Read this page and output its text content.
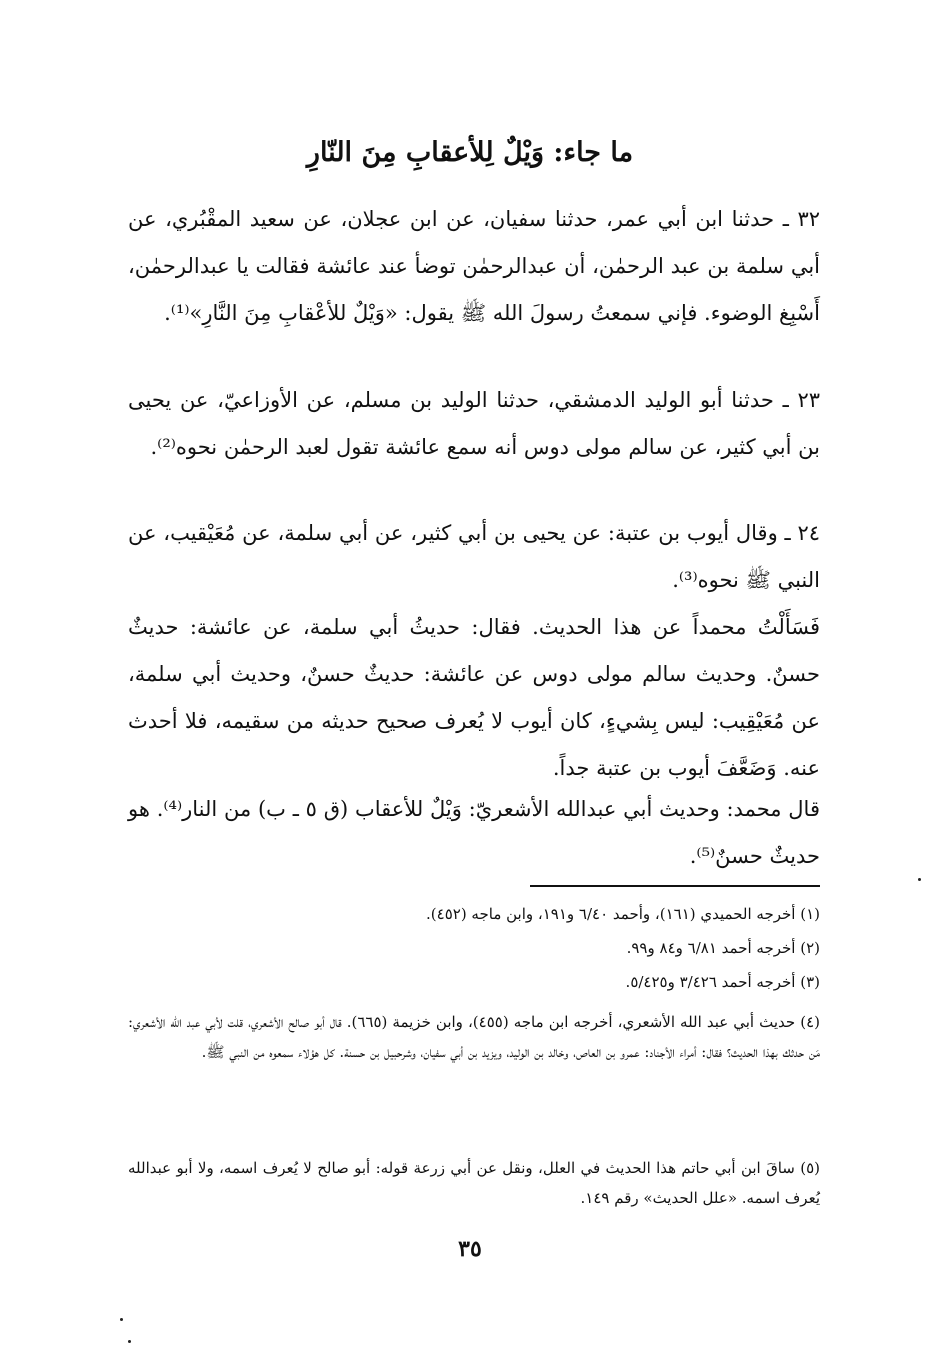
ما جاء: وَيْلٌ لِلأعقابِ مِنَ النّارِ
٣٢ ـ حدثنا ابن أبي عمر، حدثنا سفيان، عن ابن عجلان، عن سعيد المقْبُري، عن أبي سلمة بن عبد الرحمٰن، أن عبدالرحمٰن توضأ عند عائشة فقالت يا عبدالرحمٰن، أَسْبِغ الوضوء. فإني سمعتُ رسولَ الله ﷺ يقول: «وَيْلٌ للأعْقابِ مِنَ النَّارِ»⁽¹⁾.
٢٣ ـ حدثنا أبو الوليد الدمشقي، حدثنا الوليد بن مسلم، عن الأوزاعيّ، عن يحيى بن أبي كثير، عن سالم مولى دوس أنه سمع عائشة تقول لعبد الرحمٰن نحوه⁽²⁾.
٢٤ ـ وقال أيوب بن عتبة: عن يحيى بن أبي كثير، عن أبي سلمة، عن مُعَيْقيب، عن النبي ﷺ نحوه⁽³⁾.
فَسَأَلْتُ محمداً عن هذا الحديث. فقال: حديثُ أبي سلمة، عن عائشة: حديثٌ حسنٌ. وحديث سالم مولى دوس عن عائشة: حديثٌ حسنٌ، وحديث أبي سلمة، عن مُعَيْقِيب: ليس بِشيءٍ، كان أيوب لا يُعرف صحيح حديثه من سقيمه، فلا أحدث عنه. وَضَعَّفَ أيوب بن عتبة جداً.
قال محمد: وحديث أبي عبدالله الأشعريّ: وَيْلٌ للأعقاب (ق ٥ ـ ب) من النار⁽⁴⁾. هو حديثٌ حسنٌ⁽⁵⁾.
(١) أخرجه الحميدي (١٦١)، وأحمد ٦/٤٠ و١٩١، وابن ماجه (٤٥٢).
(٢) أخرجه أحمد ٦/٨١ و٨٤ و٩٩.
(٣) أخرجه أحمد ٣/٤٢٦ و٥/٤٢٥.
(٤) حديث أبي عبد الله الأشعري، أخرجه ابن ماجه (٤٥٥)، وابن خزيمة (٦٦٥). قال أبو صالح الأشعري، قلت لأبي عبد الله الأشعري: مَن حدثك بهذا الحديث؟ فقال: أمراء الأجناد: عمرو بن العاص، وخالد بن الوليد، ويزيد بن أبي سفيان، وشرحبيل بن حسنة. كل هؤلاء سمعوه من النبي ﷺ.
(٥) ساقَ ابن أبي حاتم هذا الحديث في العلل، ونقل عن أبي زرعة قوله: أبو صالح لا يُعرف اسمه، ولا أبو عبدالله يُعرف اسمه. «علل الحديث» رقم ١٤٩.
٣٥
